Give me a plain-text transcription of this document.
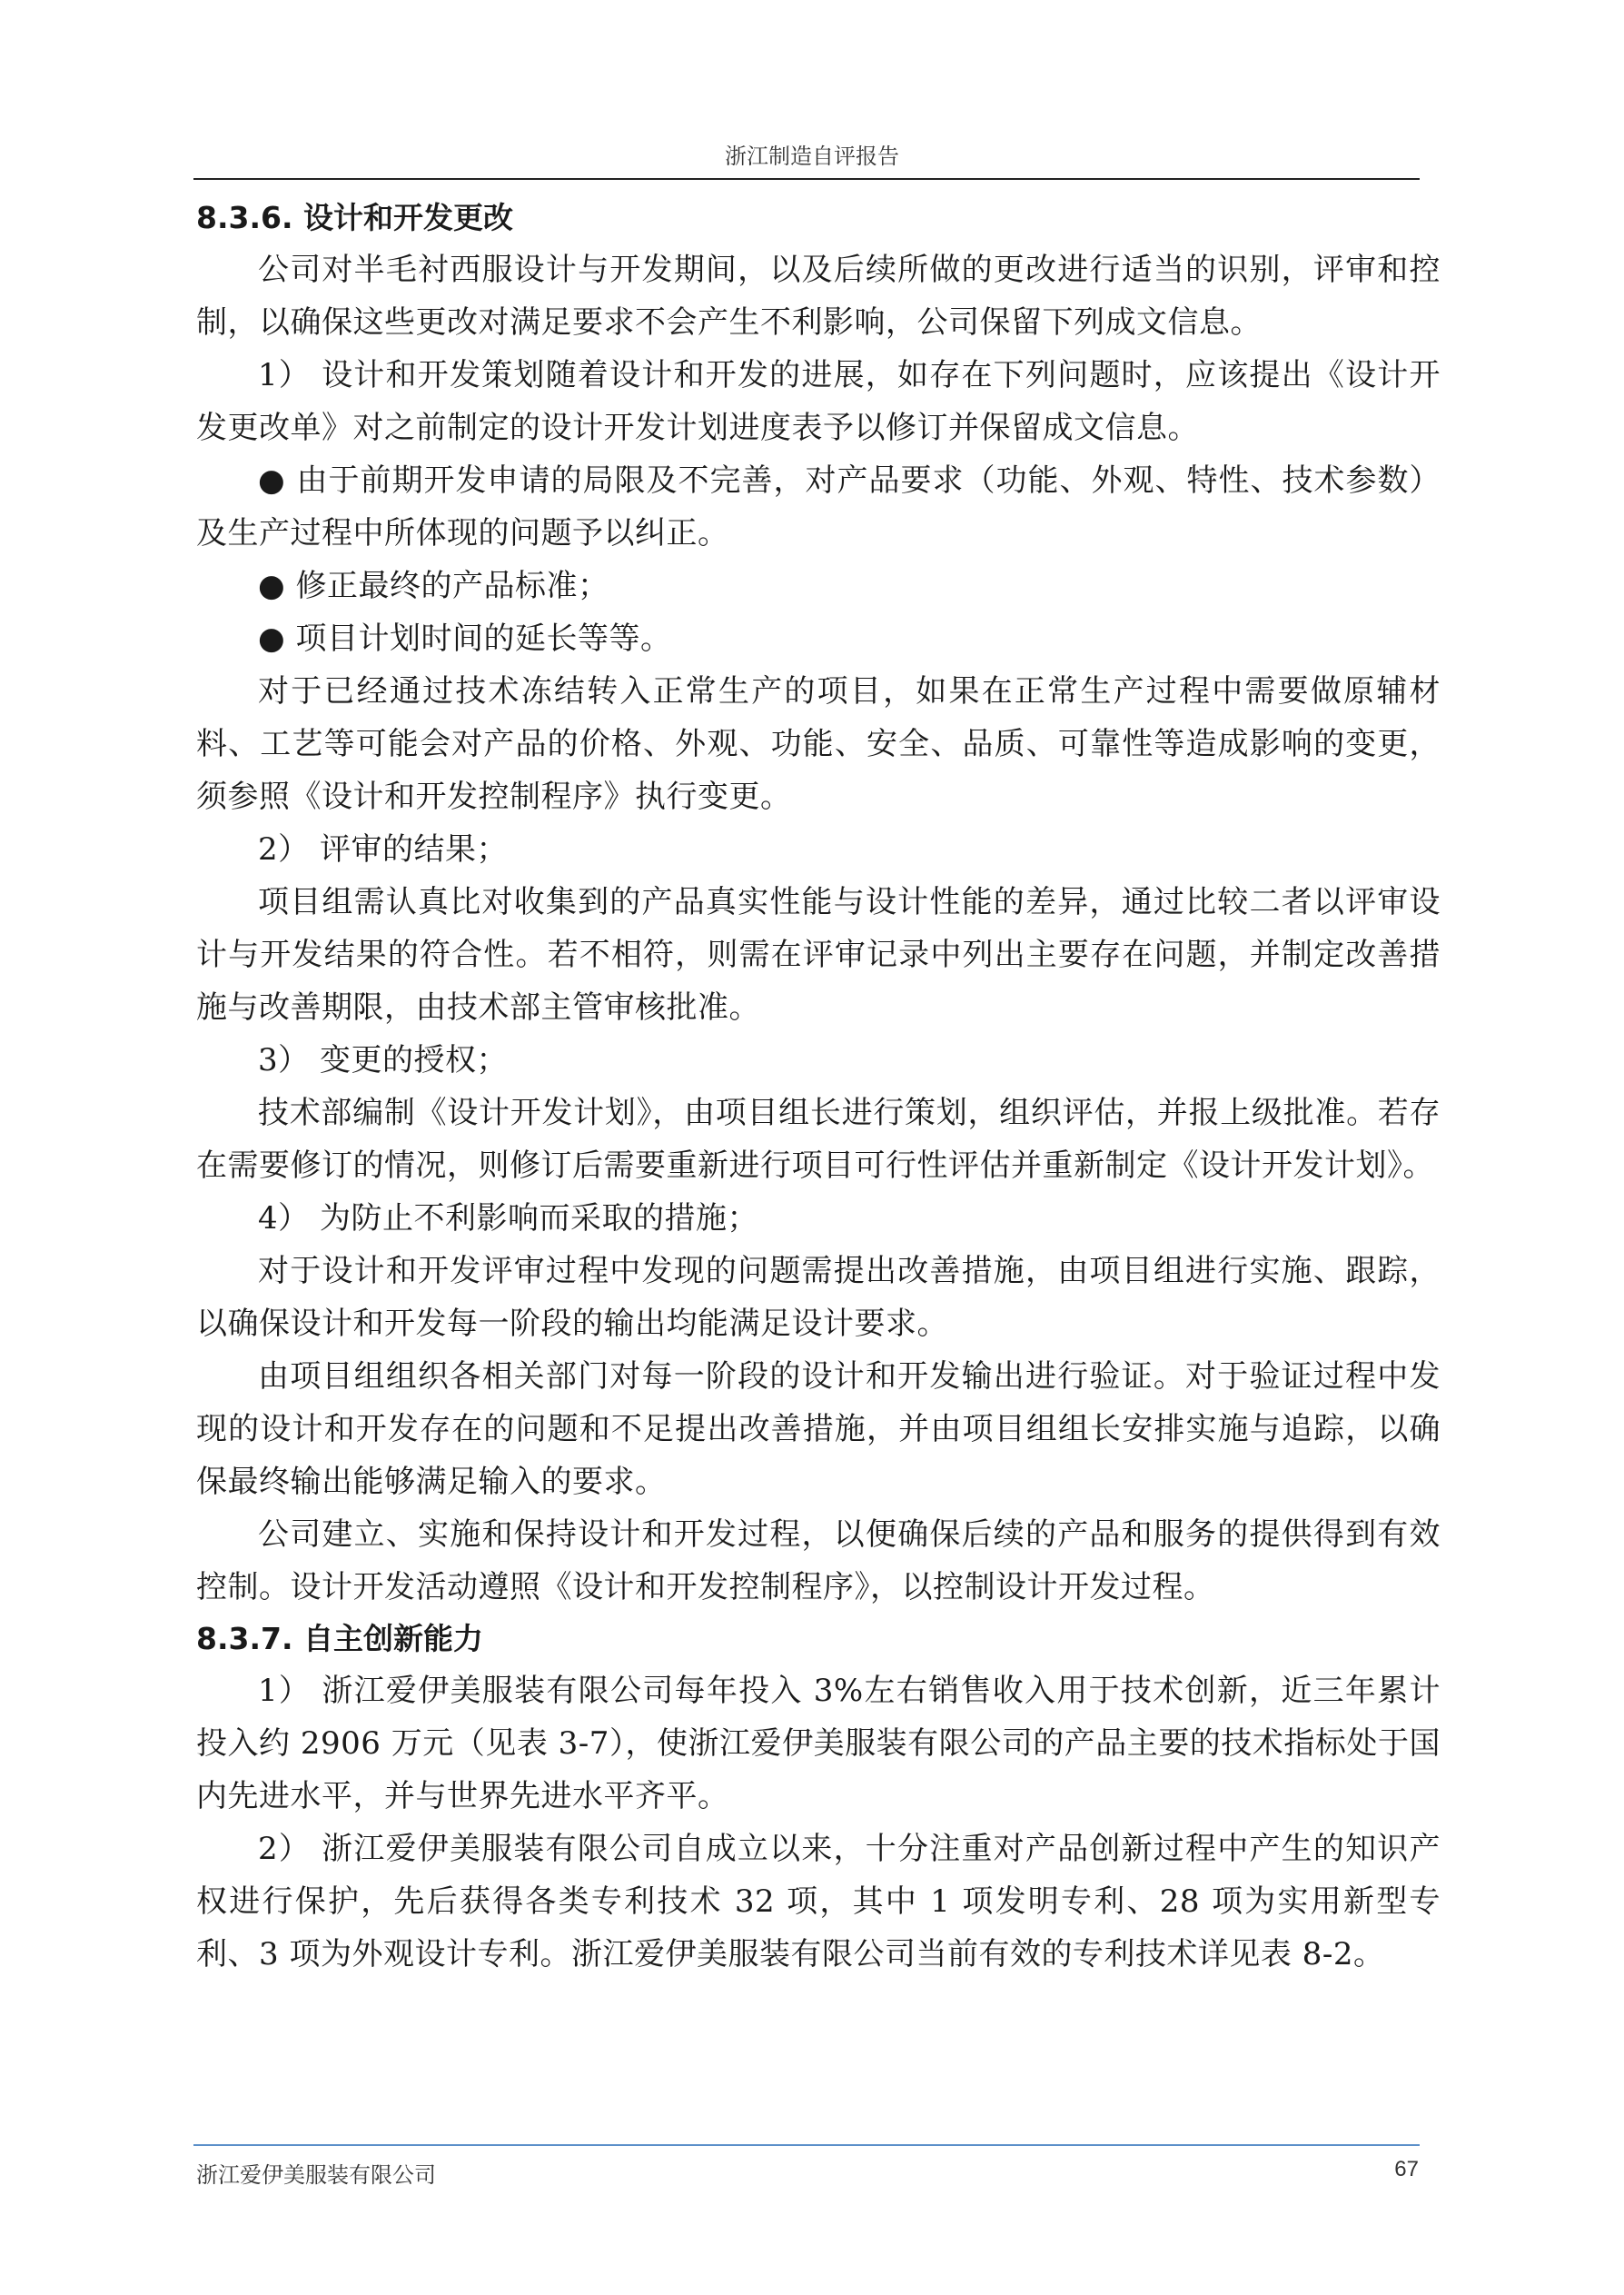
浙江制造自评报告

8.3.6. 设计和开发更改

公司对半毛衬西服设计与开发期间，以及后续所做的更改进行适当的识别，评审和控制，以确保这些更改对满足要求不会产生不利影响，公司保留下列成文信息。

1） 设计和开发策划随着设计和开发的进展，如存在下列问题时，应该提出《设计开发更改单》对之前制定的设计开发计划进度表予以修订并保留成文信息。

● 由于前期开发申请的局限及不完善，对产品要求（功能、外观、特性、技术参数）及生产过程中所体现的问题予以纠正。

● 修正最终的产品标准；

● 项目计划时间的延长等等。

对于已经通过技术冻结转入正常生产的项目，如果在正常生产过程中需要做原辅材料、工艺等可能会对产品的价格、外观、功能、安全、品质、可靠性等造成影响的变更，须参照《设计和开发控制程序》执行变更。

2） 评审的结果；

项目组需认真比对收集到的产品真实性能与设计性能的差异，通过比较二者以评审设计与开发结果的符合性。若不相符，则需在评审记录中列出主要存在问题，并制定改善措施与改善期限，由技术部主管审核批准。

3） 变更的授权；

技术部编制《设计开发计划》，由项目组长进行策划，组织评估，并报上级批准。若存在需要修订的情况，则修订后需要重新进行项目可行性评估并重新制定《设计开发计划》。

4） 为防止不利影响而采取的措施；

对于设计和开发评审过程中发现的问题需提出改善措施，由项目组进行实施、跟踪，以确保设计和开发每一阶段的输出均能满足设计要求。

由项目组组织各相关部门对每一阶段的设计和开发输出进行验证。对于验证过程中发现的设计和开发存在的问题和不足提出改善措施，并由项目组组长安排实施与追踪，以确保最终输出能够满足输入的要求。

公司建立、实施和保持设计和开发过程，以便确保后续的产品和服务的提供得到有效控制。设计开发活动遵照《设计和开发控制程序》，以控制设计开发过程。

8.3.7. 自主创新能力

1） 浙江爱伊美服装有限公司每年投入 3%左右销售收入用于技术创新，近三年累计投入约 2906 万元（见表 3-7），使浙江爱伊美服装有限公司的产品主要的技术指标处于国内先进水平，并与世界先进水平齐平。

2） 浙江爱伊美服装有限公司自成立以来，十分注重对产品创新过程中产生的知识产权进行保护，先后获得各类专利技术 32 项，其中 1 项发明专利、28 项为实用新型专利、3 项为外观设计专利。浙江爱伊美服装有限公司当前有效的专利技术详见表 8-2。

浙江爱伊美服装有限公司	67
